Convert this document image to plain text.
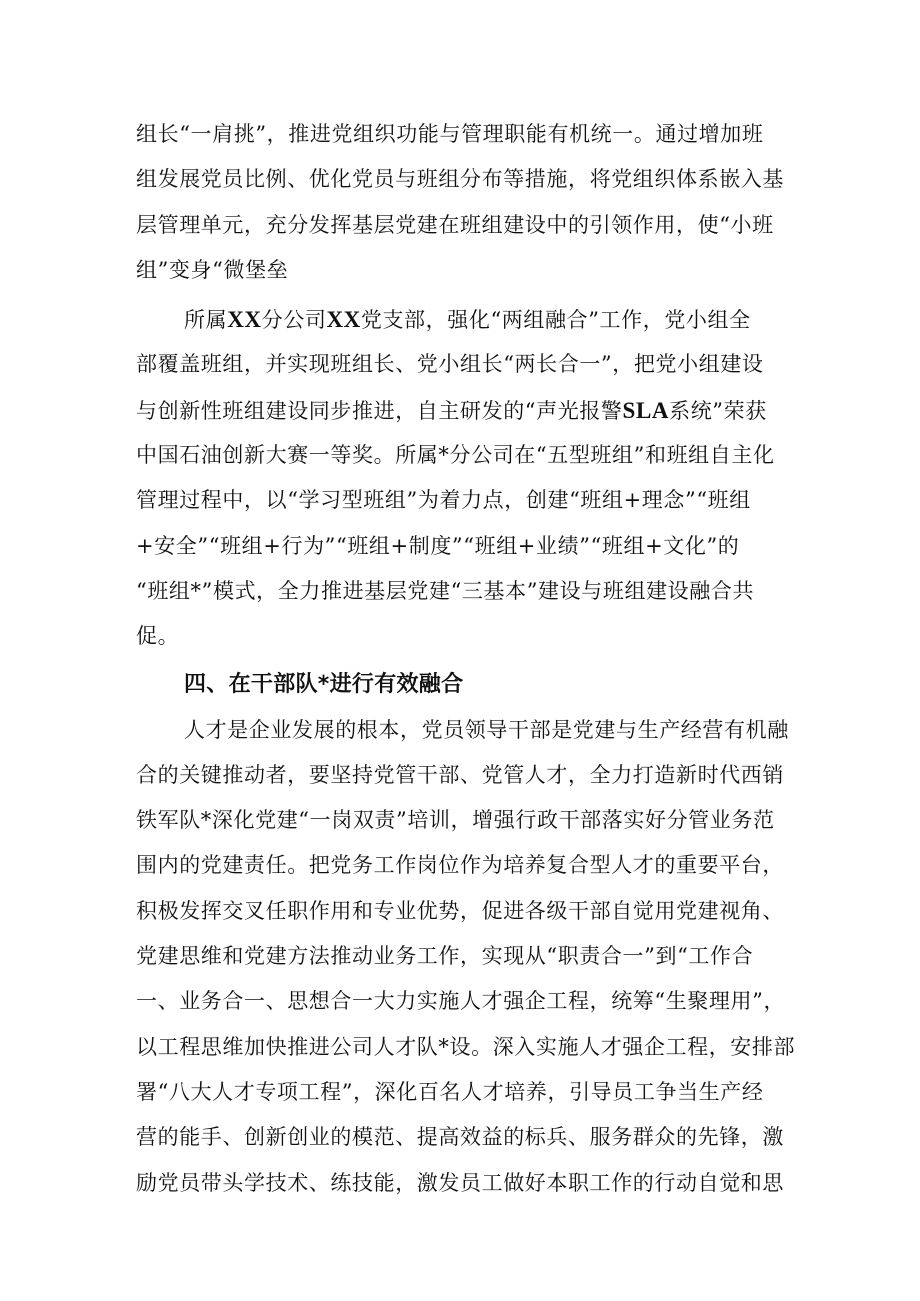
组长“一肩挑”，推进党组织功能与管理职能有机统一。通过增加班
组发展党员比例、优化党员与班组分布等措施，将党组织体系嵌入基
层管理单元，充分发挥基层党建在班组建设中的引领作用，使“小班
组”变身“微堡垒
所属XX分公司XX党支部，强化“两组融合”工作，党小组全
部覆盖班组，并实现班组长、党小组长“两长合一”，把党小组建设
与创新性班组建设同步推进，自主研发的“声光报警SLA系统”荣获
中国石油创新大赛一等奖。所属*分公司在“五型班组”和班组自主化
管理过程中，以“学习型班组”为着力点，创建“班组+理念”“班组
+安全”“班组+行为”“班组+制度”“班组+业绩”“班组+文化”的
“班组*”模式，全力推进基层党建“三基本”建设与班组建设融合共
促。
四、在干部队*进行有效融合
人才是企业发展的根本，党员领导干部是党建与生产经营有机融
合的关键推动者，要坚持党管干部、党管人才，全力打造新时代西销
铁军队*深化党建“一岗双责”培训，增强行政干部落实好分管业务范
围内的党建责任。把党务工作岗位作为培养复合型人才的重要平台，
积极发挥交叉任职作用和专业优势，促进各级干部自觉用党建视角、
党建思维和党建方法推动业务工作，实现从“职责合一”到“工作合
一、业务合一、思想合一大力实施人才强企工程，统筹“生聚理用”，
以工程思维加快推进公司人才队*设。深入实施人才强企工程，安排部
署“八大人才专项工程”，深化百名人才培养，引导员工争当生产经
营的能手、创新创业的模范、提高效益的标兵、服务群众的先锋，激
励党员带头学技术、练技能，激发员工做好本职工作的行动自觉和思
